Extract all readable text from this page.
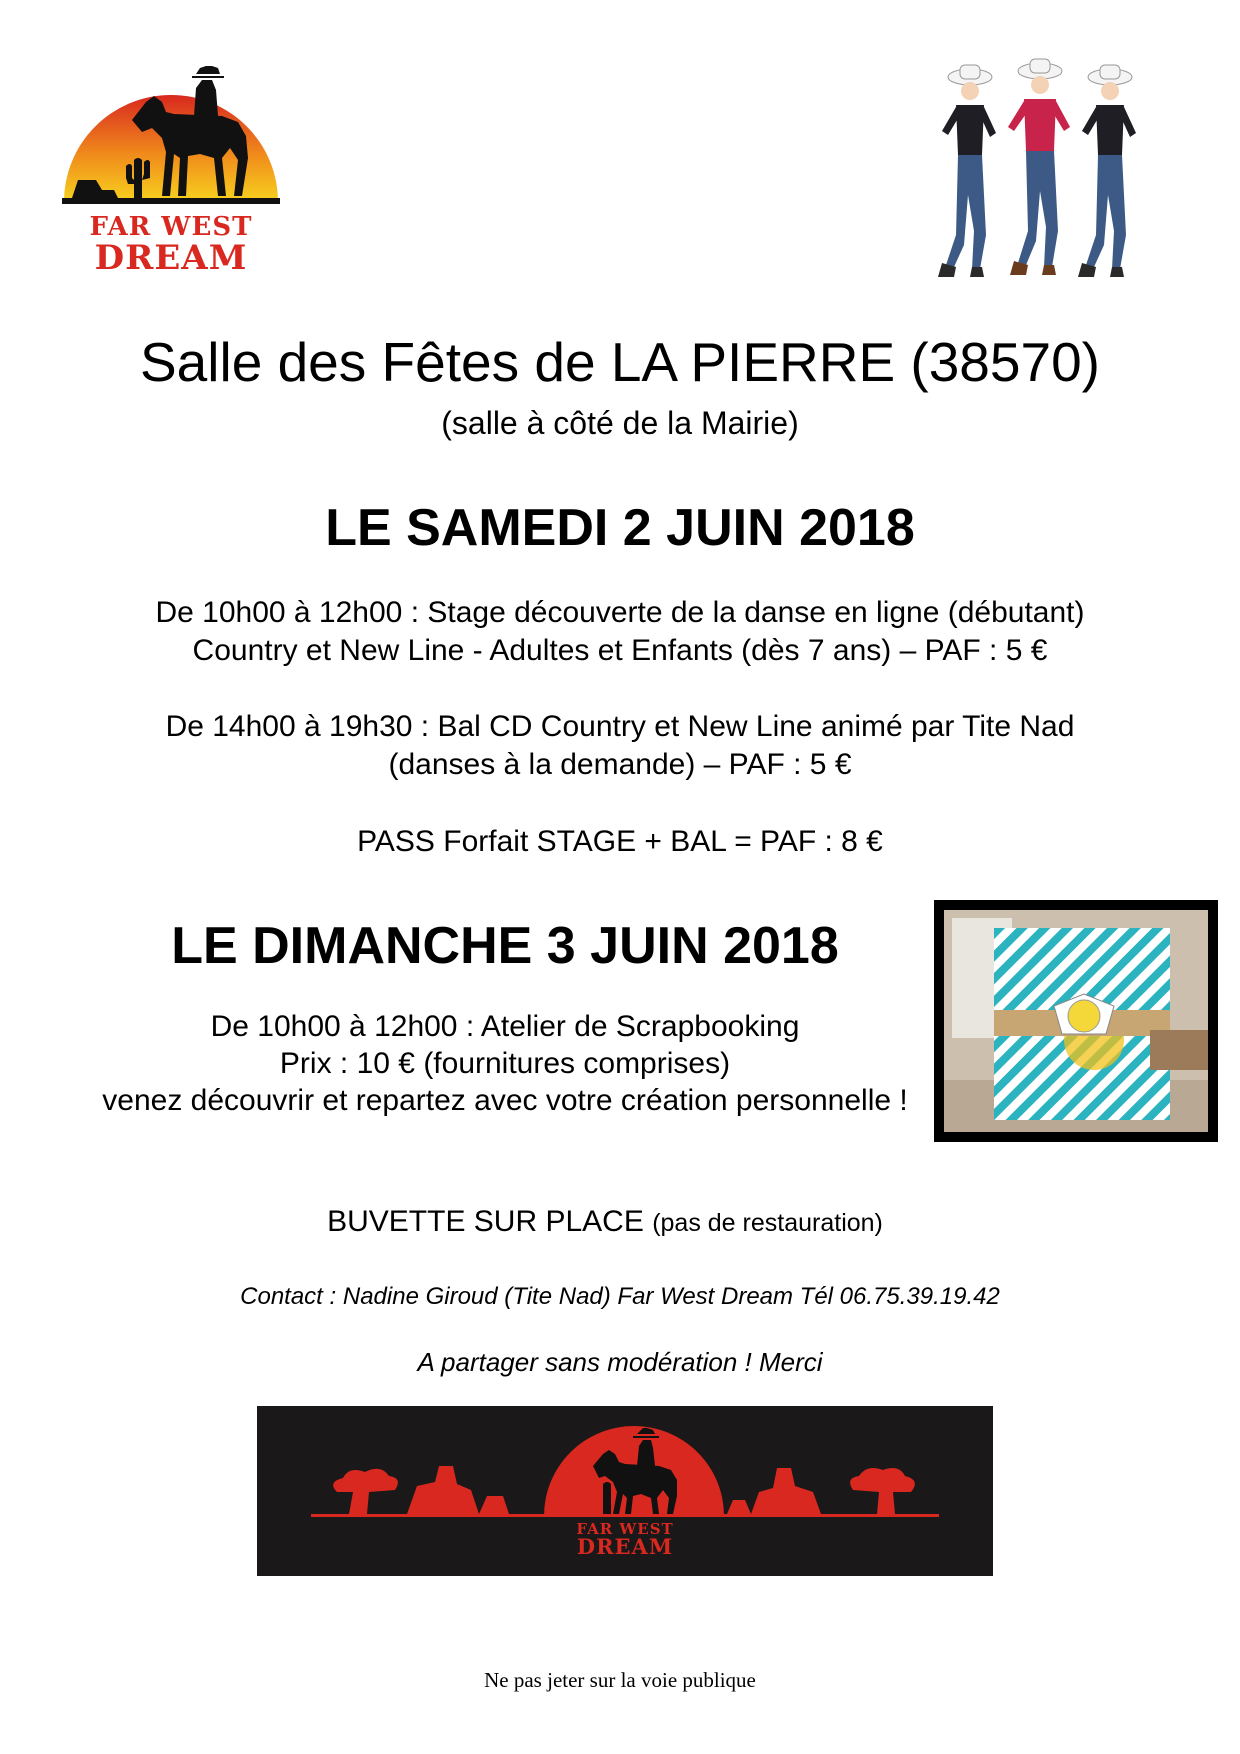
FAR WEST
DREAM
Salle des Fêtes de LA PIERRE (38570)
(salle à côté de la Mairie)
LE SAMEDI 2 JUIN 2018
De 10h00 à 12h00 : Stage découverte de la danse en ligne (débutant)
Country et New Line - Adultes et Enfants (dès 7 ans) – PAF : 5 €
De 14h00 à 19h30 : Bal CD Country et New Line animé par Tite Nad
(danses à la demande) – PAF : 5 €
PASS Forfait STAGE + BAL = PAF : 8 €
LE DIMANCHE 3 JUIN 2018
De 10h00 à 12h00 : Atelier de Scrapbooking
Prix : 10 € (fournitures comprises)
venez découvrir et repartez avec votre création personnelle !
BUVETTE SUR PLACE (pas de restauration)
Contact : Nadine Giroud (Tite Nad) Far West Dream Tél 06.75.39.19.42
A partager sans modération ! Merci
FAR WEST
DREAM
Ne pas jeter sur la voie publique
